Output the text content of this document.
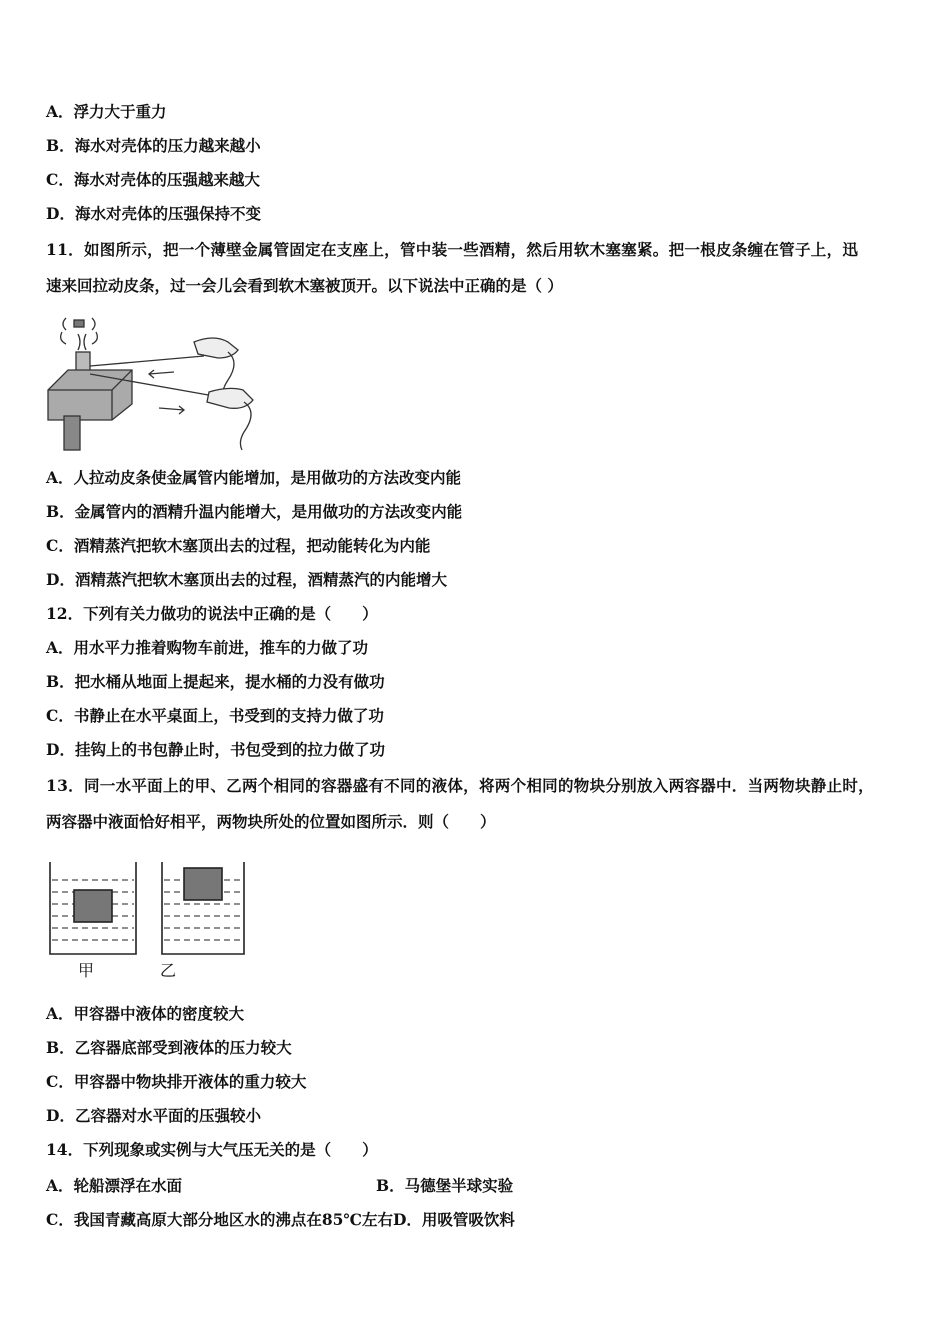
A．浮力大于重力
B．海水对壳体的压力越来越小
C．海水对壳体的压强越来越大
D．海水对壳体的压强保持不变
11．如图所示，把一个薄壁金属管固定在支座上，管中装一些酒精，然后用软木塞塞紧。把一根皮条缠在管子上，迅
速来回拉动皮条，过一会儿会看到软木塞被顶开。以下说法中正确的是（ ）
A．人拉动皮条使金属管内能增加，是用做功的方法改变内能
B．金属管内的酒精升温内能增大，是用做功的方法改变内能
C．酒精蒸汽把软木塞顶出去的过程，把动能转化为内能
D．酒精蒸汽把软木塞顶出去的过程，酒精蒸汽的内能增大
12．下列有关力做功的说法中正确的是（　　）
A．用水平力推着购物车前进，推车的力做了功
B．把水桶从地面上提起来，提水桶的力没有做功
C．书静止在水平桌面上，书受到的支持力做了功
D．挂钩上的书包静止时，书包受到的拉力做了功
13．同一水平面上的甲、乙两个相同的容器盛有不同的液体，将两个相同的物块分别放入两容器中．当两物块静止时，
两容器中液面恰好相平，两物块所处的位置如图所示．则（　　）
甲	乙
A．甲容器中液体的密度较大
B．乙容器底部受到液体的压力较大
C．甲容器中物块排开液体的重力较大
D．乙容器对水平面的压强较小
14．下列现象或实例与大气压无关的是（　　）
A．轮船漂浮在水面	B．马德堡半球实验
C．我国青藏高原大部分地区水的沸点在85℃左右D．用吸管吸饮料
